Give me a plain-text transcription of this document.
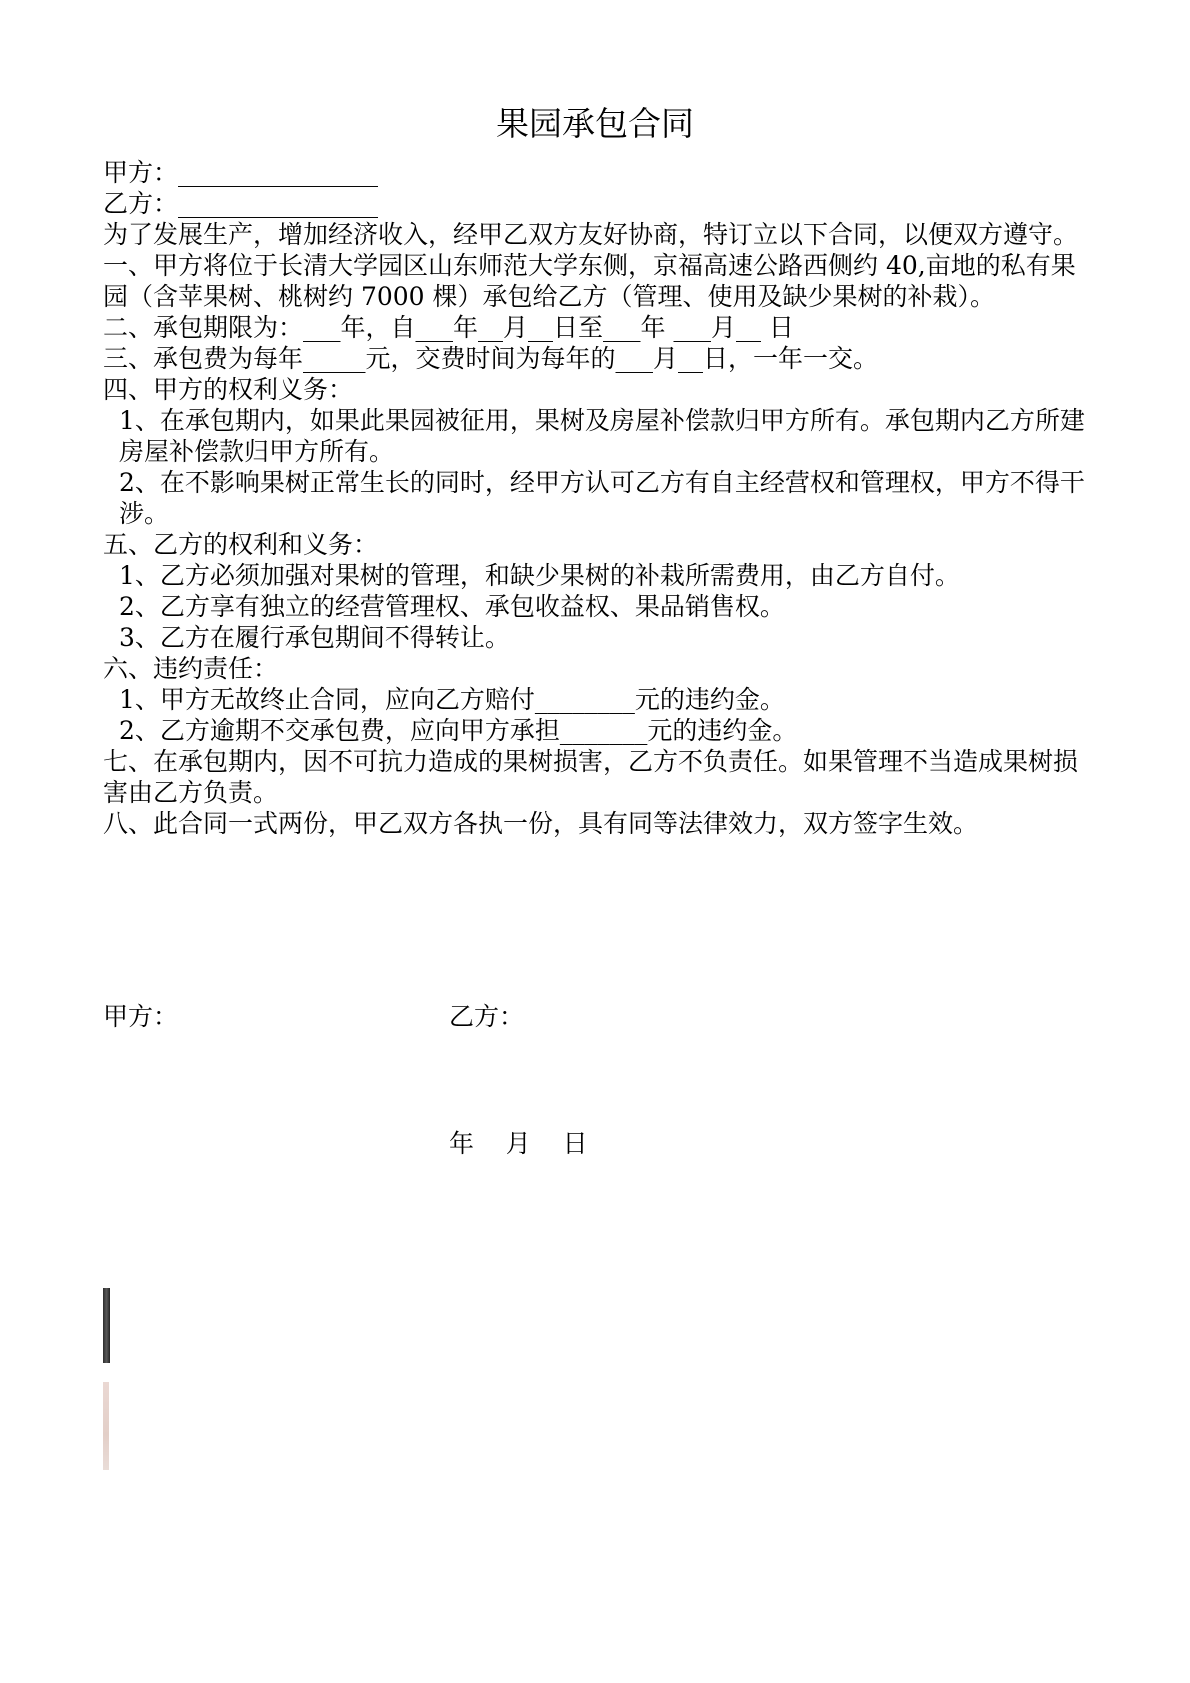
果园承包合同

甲方：________________

乙方：________________

为了发展生产，增加经济收入，经甲乙双方友好协商，特订立以下合同，以便双方遵守。

一、甲方将位于长清大学园区山东师范大学东侧，京福高速公路西侧约 40,亩地的私有果园（含苹果树、桃树约 7000 棵）承包给乙方（管理、使用及缺少果树的补栽）。

二、承包期限为：___年，自___年__月__日至___年 ___月__ 日

三、承包费为每年_____元，交费时间为每年的___月__日，一年一交。

四、甲方的权利义务：

1、在承包期内，如果此果园被征用，果树及房屋补偿款归甲方所有。承包期内乙方所建房屋补偿款归甲方所有。

2、在不影响果树正常生长的同时，经甲方认可乙方有自主经营权和管理权，甲方不得干涉。

五、乙方的权利和义务：

1、乙方必须加强对果树的管理，和缺少果树的补栽所需费用，由乙方自付。

2、乙方享有独立的经营管理权、承包收益权、果品销售权。

3、乙方在履行承包期间不得转让。

六、违约责任：

1、甲方无故终止合同，应向乙方赔付________元的违约金。

2、乙方逾期不交承包费，应向甲方承担_______元的违约金。

七、在承包期内，因不可抗力造成的果树损害，乙方不负责任。如果管理不当造成果树损害由乙方负责。

八、此合同一式两份，甲乙双方各执一份，具有同等法律效力，双方签字生效。

甲方：	乙方：
年    月    日
